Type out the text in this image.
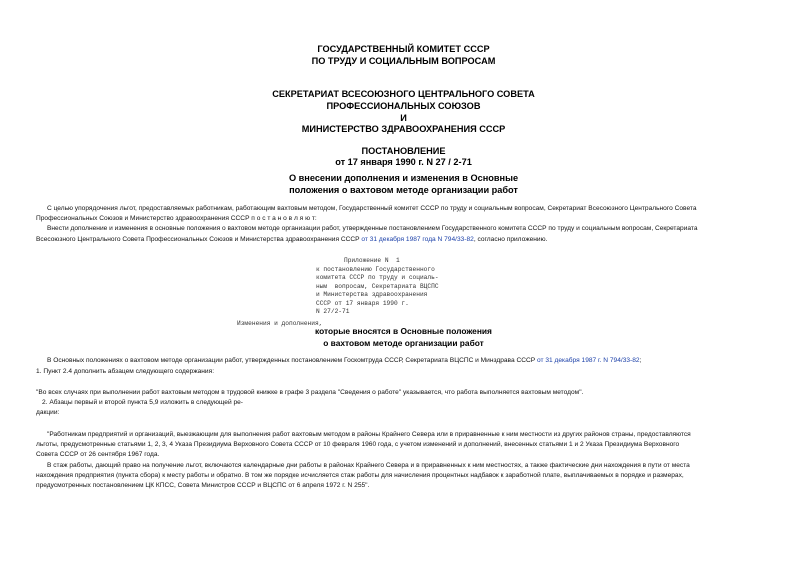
ГОСУДАРСТВЕННЫЙ КОМИТЕТ СССР
ПО ТРУДУ И СОЦИАЛЬНЫМ ВОПРОСАМ
СЕКРЕТАРИАТ ВСЕСОЮЗНОГО ЦЕНТРАЛЬНОГО СОВЕТА
ПРОФЕССИОНАЛЬНЫХ СОЮЗОВ
И
МИНИСТЕРСТВО ЗДРАВООХРАНЕНИЯ СССР
ПОСТАНОВЛЕНИЕ
от 17 января 1990 г. N 27 / 2-71
О внесении дополнения и изменения в Основные
положения о вахтовом методе организации работ
С целью упорядочения льгот, предоставляемых работникам, работающим вахтовым методом, Государственный комитет СССР по труду и социальным вопросам, Секретариат Всесоюзного Центрального Совета
Профессиональных Союзов и Министерство здравоохранения СССР п о с т а н о в л я ю т:
Внести дополнение и изменения в основные положения о вахтовом методе организации работ, утвержденные постановлением Государственного комитета СССР по труду и социальным вопросам, Секретариата
Всесоюзного Центрального Совета Профессиональных Союзов и Министерства здравоохранения СССР от 31 декабря 1987 года N 794/33-82, согласно приложению.
Приложение N  1
к постановлению Государственного
комитета СССР по труду и социаль-
ным  вопросам, Секретариата ВЦСПС
и Министерства здравоохранения
СССР от 17 января 1990 г.
N 27/2-71
Изменения и дополнения,
которые вносятся в Основные положения
о вахтовом методе организации работ
В Основных положениях о вахтовом методе организации работ, утвержденных постановлением Госкомтруда СССР, Секретариата ВЦСПС и Минздрава СССР от 31 декабря 1987 г. N 794/33-82;
1. Пункт 2.4 дополнить абзацем следующего содержания:
"Во всех случаях при выполнении работ вахтовым методом в трудовой книжке в графе 3 раздела "Сведения о работе" указывается, что работа выполняется вахтовым методом".
2. Абзацы первый и второй пункта 5,9 изложить в следующей ре-
дакции:
"Работникам предприятий и организаций, выезжающим для выполнения работ вахтовым методом в районы Крайнего Севера или в приравненные к ним местности из других районов страны, предоставляются
льготы, предусмотренные статьями 1, 2, 3, 4 Указа Президиума Верховного Совета СССР от 10 февраля 1960 года, с учетом изменений и дополнений, внесенных статьями 1 и 2 Указа Президиума Верховного
Совета СССР от 26 сентября 1967 года.
В стаж работы, дающий право на получение льгот, включаются календарные дни работы в районах Крайнего Севера и в приравненных к ним местностях, а также фактические дни нахождения в пути от места
нахождения предприятия (пункта сбора) к месту работы и обратно. В том же порядке исчисляется стаж работы для начисления процентных надбавок к заработной плате, выплачиваемых в порядке и размерах,
предусмотренных постановлением ЦК КПСС, Совета Министров СССР и ВЦСПС от 6 апреля 1972 г. N 255".
